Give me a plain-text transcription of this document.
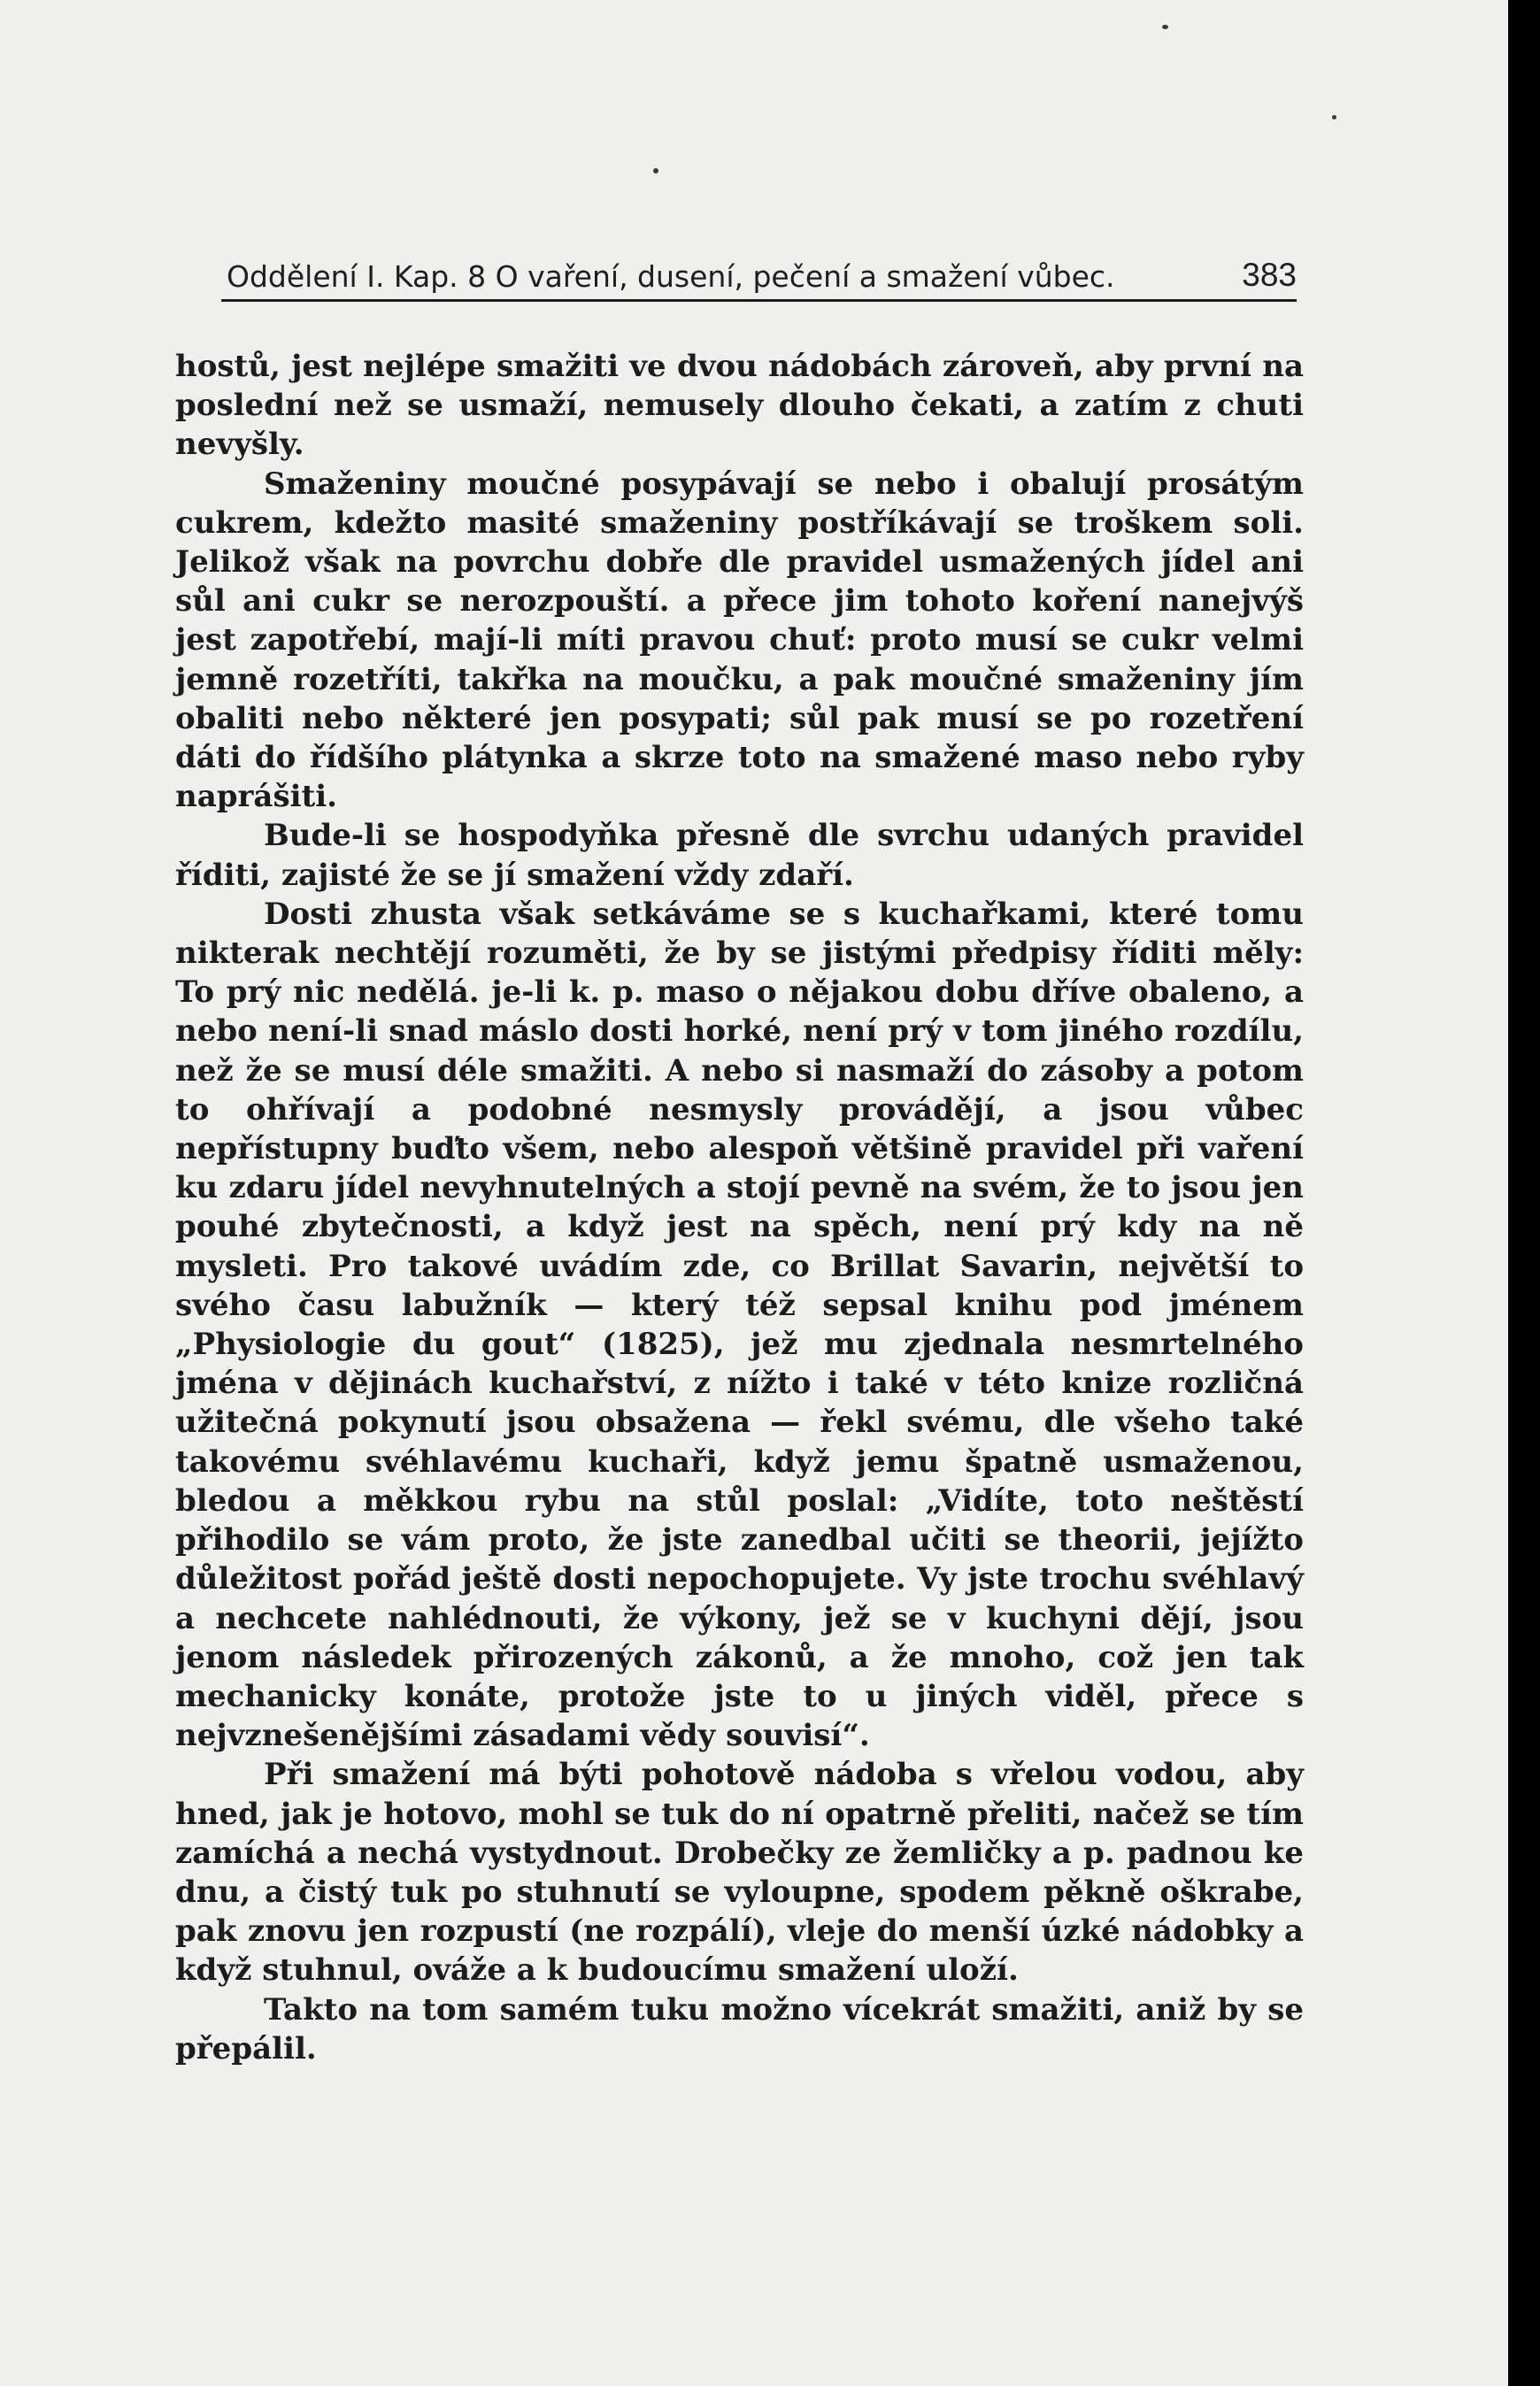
Oddělení I. Kap. 8 O vaření, dusení, pečení a smažení vůbec.	383

hostů, jest nejlépe smažiti ve dvou nádobách zároveň, aby první na poslední než se usmaží, nemusely dlouho čekati, a zatím z chuti nevyšly.

Smaženiny moučné posypávají se nebo i obalují prosátým cukrem, kdežto masité smaženiny postříkávají se troškem soli. Jelikož však na povrchu dobře dle pravidel usmažených jídel ani sůl ani cukr se nerozpouští. a přece jim tohoto koření nanejvýš jest zapotřebí, mají-li míti pravou chuť: proto musí se cukr velmi jemně rozetříti, takřka na moučku, a pak moučné smaženiny jím obaliti nebo některé jen posypati; sůl pak musí se po rozetření dáti do řídšího plátynka a skrze toto na smažené maso nebo ryby naprášiti.

Bude-li se hospodyňka přesně dle svrchu udaných pravidel říditi, zajisté že se jí smažení vždy zdaří.

Dosti zhusta však setkáváme se s kuchařkami, které tomu nikterak nechtějí rozuměti, že by se jistými předpisy říditi měly: To prý nic nedělá. je-li k. p. maso o nějakou dobu dříve obaleno, a nebo není-li snad máslo dosti horké, není prý v tom jiného rozdílu, než že se musí déle smažiti. A nebo si nasmaží do zásoby a potom to ohřívají a podobné nesmysly provádějí, a jsou vůbec nepřístupny buďto všem, nebo alespoň většině pravidel při vaření ku zdaru jídel nevyhnutelných a stojí pevně na svém, že to jsou jen pouhé zbytečnosti, a když jest na spěch, není prý kdy na ně mysleti. Pro takové uvádím zde, co Brillat Savarin, největší to svého času labužník — který též sepsal knihu pod jménem „Physiologie du gout“ (1825), jež mu zjednala nesmrtelného jména v dějinách kuchařství, z nížto i také v této knize rozličná užitečná pokynutí jsou obsažena — řekl svému, dle všeho také takovému svéhlavému kuchaři, když jemu špatně usmaženou, bledou a měkkou rybu na stůl poslal: „Vidíte, toto neštěstí přihodilo se vám proto, že jste zanedbal učiti se theorii, jejížto důležitost pořád ještě dosti nepochopujete. Vy jste trochu svéhlavý a nechcete nahlédnouti, že výkony, jež se v kuchyni dějí, jsou jenom následek přirozených zákonů, a že mnoho, což jen tak mechanicky konáte, protože jste to u jiných viděl, přece s nejvznešenějšími zásadami vědy souvisí“.

Při smažení má býti pohotově nádoba s vřelou vodou, aby hned, jak je hotovo, mohl se tuk do ní opatrně přeliti, načež se tím zamíchá a nechá vystydnout. Drobečky ze žemličky a p. padnou ke dnu, a čistý tuk po stuhnutí se vyloupne, spodem pěkně oškrabe, pak znovu jen rozpustí (ne rozpálí), vleje do menší úzké nádobky a když stuhnul, ováže a k budoucímu smažení uloží.

Takto na tom samém tuku možno vícekrát smažiti, aniž by se přepálil.
